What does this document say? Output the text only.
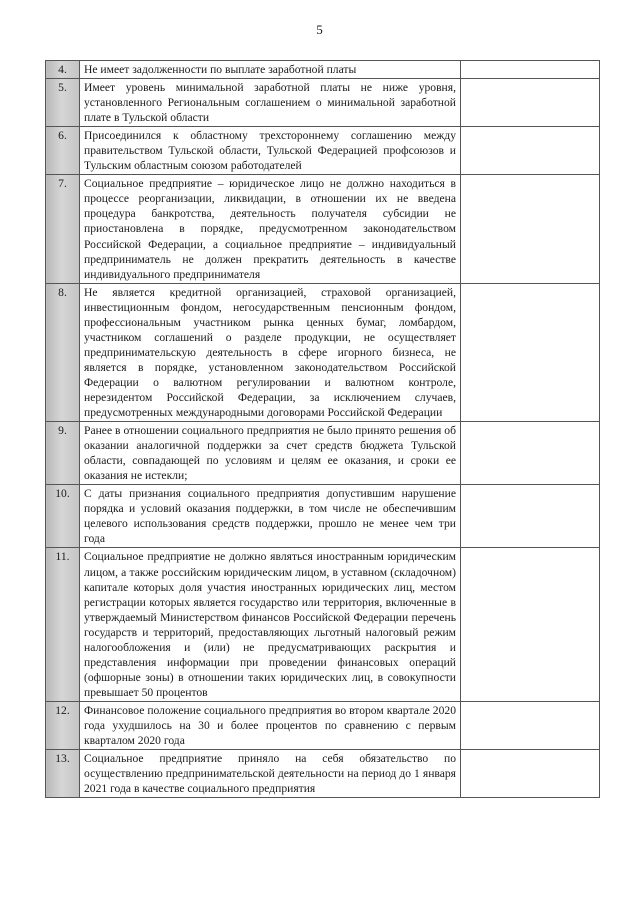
5
4.	Не имеет задолженности по выплате заработной платы	
5.	Имеет уровень минимальной заработной платы не ниже уровня, установленного Региональным соглашением о минимальной заработной плате в Тульской области	
6.	Присоединился к областному трехстороннему соглашению между правительством Тульской области, Тульской Федерацией профсоюзов и Тульским областным союзом работодателей	
7.	Социальное предприятие – юридическое лицо не должно находиться в процессе реорганизации, ликвидации, в отношении их не введена процедура банкротства, деятельность получателя субсидии не приостановлена в порядке, предусмотренном законодательством Российской Федерации, а социальное предприятие – индивидуальный предприниматель не должен прекратить деятельность в качестве индивидуального предпринимателя	
8.	Не является кредитной организацией, страховой организацией, инвестиционным фондом, негосударственным пенсионным фондом, профессиональным участником рынка ценных бумаг, ломбардом, участником соглашений о разделе продукции, не осуществляет предпринимательскую деятельность в сфере игорного бизнеса, не является в порядке, установленном законодательством Российской Федерации о валютном регулировании и валютном контроле, нерезидентом Российской Федерации, за исключением случаев, предусмотренных международными договорами Российской Федерации	
9.	Ранее в отношении социального предприятия не было принято решения об оказании аналогичной поддержки за счет средств бюджета Тульской области, совпадающей по условиям и целям ее оказания, и сроки ее оказания не истекли;	
10.	С даты признания социального предприятия допустившим нарушение порядка и условий оказания поддержки, в том числе не обеспечившим целевого использования средств поддержки, прошло не менее чем три года	
11.	Социальное предприятие не должно являться иностранным юридическим лицом, а также российским юридическим лицом, в уставном (складочном) капитале которых доля участия иностранных юридических лиц, местом регистрации которых является государство или территория, включенные в утверждаемый Министерством финансов Российской Федерации перечень государств и территорий, предоставляющих льготный налоговый режим налогообложения и (или) не предусматривающих раскрытия и представления информации при проведении финансовых операций (офшорные зоны) в отношении таких юридических лиц, в совокупности превышает 50 процентов	
12.	Финансовое положение социального предприятия во втором квартале 2020 года ухудшилось на 30 и более процентов по сравнению с первым кварталом 2020 года	
13.	Социальное предприятие приняло на себя обязательство по осуществлению предпринимательской деятельности на период до 1 января 2021 года в качестве социального предприятия	
